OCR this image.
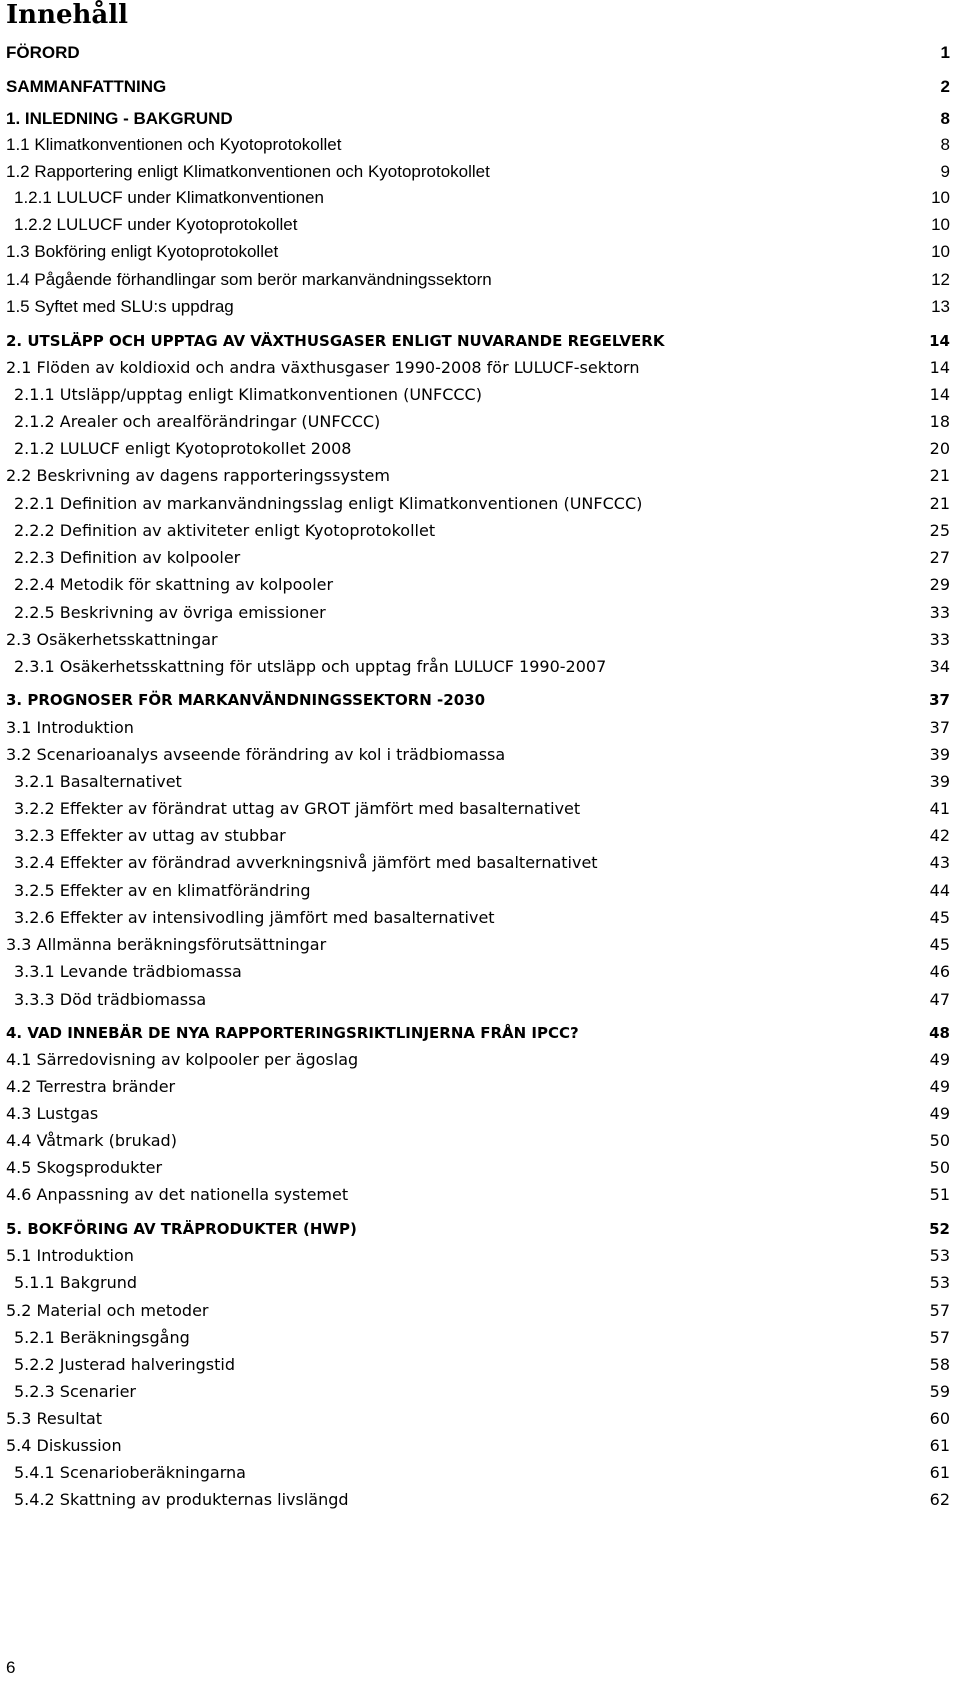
Innehåll
FÖRORD	1
SAMMANFATTNING	2
1. INLEDNING - BAKGRUND	8
1.1 Klimatkonventionen och Kyotoprotokollet	8
1.2 Rapportering enligt Klimatkonventionen och Kyotoprotokollet	9
1.2.1 LULUCF under Klimatkonventionen	10
1.2.2 LULUCF under Kyotoprotokollet	10
1.3 Bokföring enligt Kyotoprotokollet	10
1.4 Pågående förhandlingar som berör markanvändningssektorn	12
1.5 Syftet med SLU:s uppdrag	13
2. UTSLÄPP OCH UPPTAG AV VÄXTHUSGASER ENLIGT NUVARANDE REGELVERK	14
2.1 Flöden av koldioxid och andra växthusgaser 1990-2008 för LULUCF-sektorn	14
2.1.1 Utsläpp/upptag enligt Klimatkonventionen (UNFCCC)	14
2.1.2 Arealer och arealförändringar (UNFCCC)	18
2.1.2 LULUCF enligt Kyotoprotokollet 2008	20
2.2 Beskrivning av dagens rapporteringssystem	21
2.2.1 Definition av markanvändningsslag enligt Klimatkonventionen (UNFCCC)	21
2.2.2 Definition av aktiviteter enligt Kyotoprotokollet	25
2.2.3 Definition av kolpooler	27
2.2.4 Metodik för skattning av kolpooler	29
2.2.5 Beskrivning av övriga emissioner	33
2.3 Osäkerhetsskattningar	33
2.3.1 Osäkerhetsskattning för utsläpp och upptag från LULUCF 1990-2007	34
3. PROGNOSER FÖR MARKANVÄNDNINGSSEKTORN -2030	37
3.1 Introduktion	37
3.2 Scenarioanalys avseende förändring av kol i trädbiomassa	39
3.2.1 Basalternativet	39
3.2.2 Effekter av förändrat uttag av GROT jämfört med basalternativet	41
3.2.3 Effekter av uttag av stubbar	42
3.2.4 Effekter av förändrad avverkningsnivå jämfört med basalternativet	43
3.2.5 Effekter av en klimatförändring	44
3.2.6 Effekter av intensivodling jämfört med basalternativet	45
3.3 Allmänna beräkningsförutsättningar	45
3.3.1 Levande trädbiomassa	46
3.3.3 Död trädbiomassa	47
4. VAD INNEBÄR DE NYA RAPPORTERINGSRIKTLINJERNA FRÅN IPCC?	48
4.1 Särredovisning av kolpooler per ägoslag	49
4.2 Terrestra bränder	49
4.3 Lustgas	49
4.4 Våtmark (brukad)	50
4.5 Skogsprodukter	50
4.6 Anpassning av det nationella systemet	51
5. BOKFÖRING AV TRÄPRODUKTER (HWP)	52
5.1 Introduktion	53
5.1.1 Bakgrund	53
5.2 Material och metoder	57
5.2.1 Beräkningsgång	57
5.2.2 Justerad halveringstid	58
5.2.3 Scenarier	59
5.3 Resultat	60
5.4 Diskussion	61
5.4.1 Scenarioberäkningarna	61
5.4.2 Skattning av produkternas livslängd	62
6
